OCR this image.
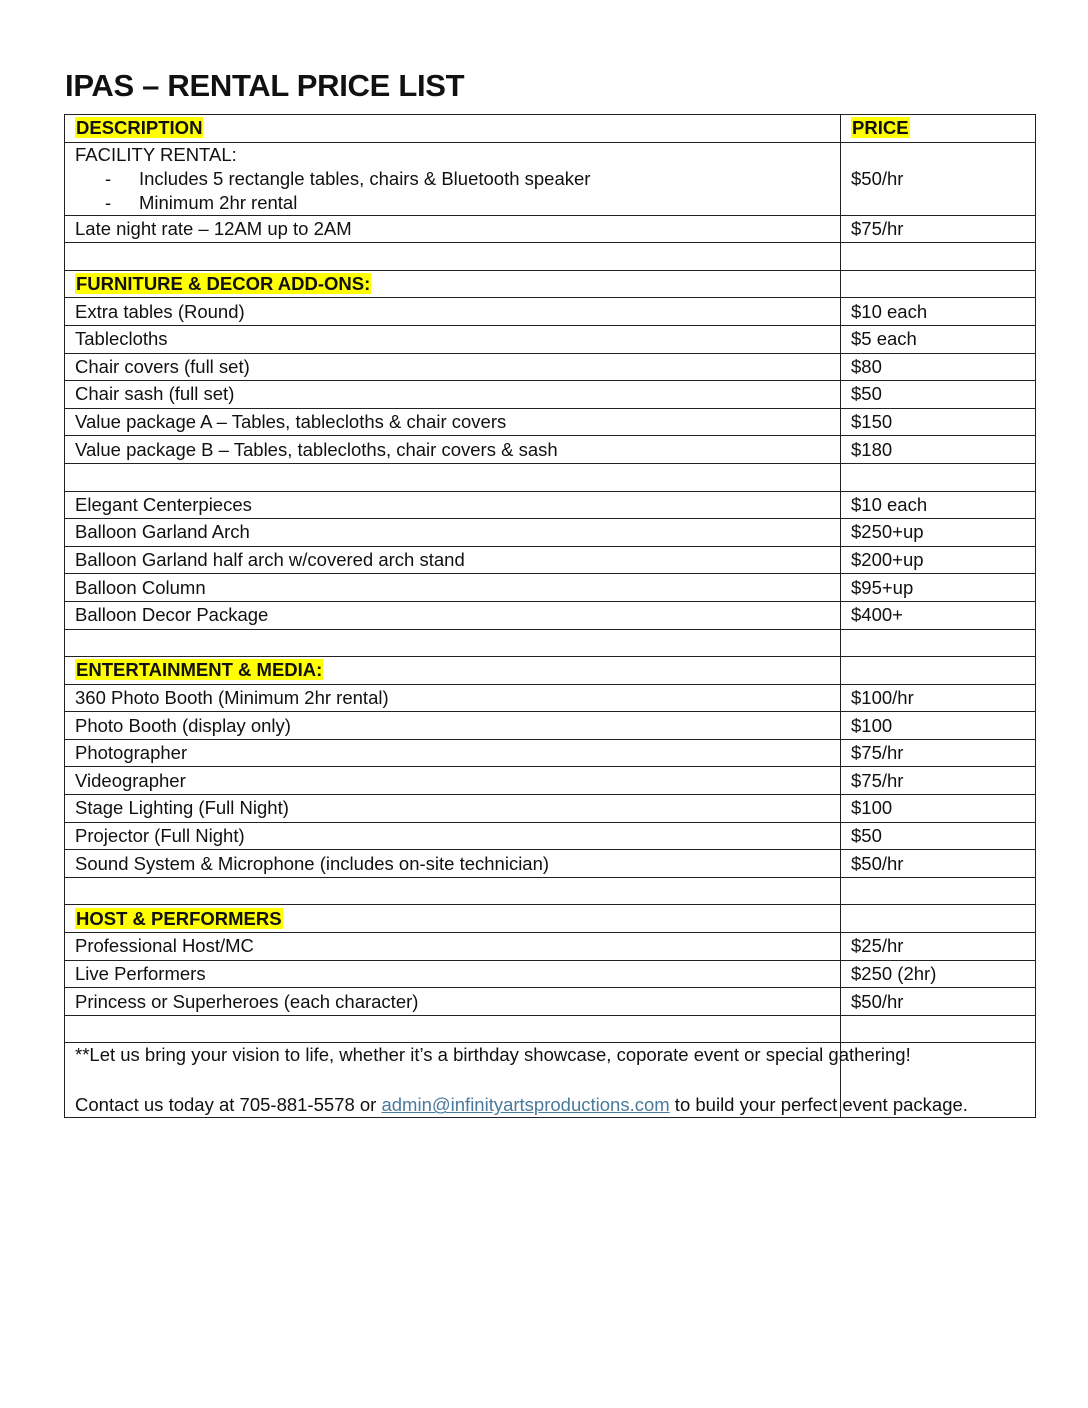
IPAS – RENTAL PRICE LIST
DESCRIPTION	PRICE

FACILITY RENTAL:
- Includes 5 rectangle tables, chairs & Bluetooth speaker
- Minimum 2hr rental	$50/hr
Late night rate – 12AM up to 2AM	$75/hr

FURNITURE & DECOR ADD-ONS:	
Extra tables (Round)	$10 each
Tablecloths	$5 each
Chair covers (full set)	$80
Chair sash (full set)	$50
Value package A – Tables, tablecloths & chair covers	$150
Value package B – Tables, tablecloths, chair covers & sash	$180

Elegant Centerpieces	$10 each
Balloon Garland Arch	$250+up
Balloon Garland half arch w/covered arch stand	$200+up
Balloon Column	$95+up
Balloon Decor Package	$400+

ENTERTAINMENT & MEDIA:	
360 Photo Booth (Minimum 2hr rental)	$100/hr
Photo Booth (display only)	$100
Photographer	$75/hr
Videographer	$75/hr
Stage Lighting (Full Night)	$100
Projector (Full Night)	$50
Sound System & Microphone (includes on-site technician)	$50/hr

HOST & PERFORMERS	
Professional Host/MC	$25/hr
Live Performers	$250 (2hr)
Princess or Superheroes (each character)	$50/hr

**Let us bring your vision to life, whether it’s a birthday showcase, coporate event or special gathering!

Contact us today at 705-881-5578 or admin@infinityartsproductions.com to build your perfect event package.	
